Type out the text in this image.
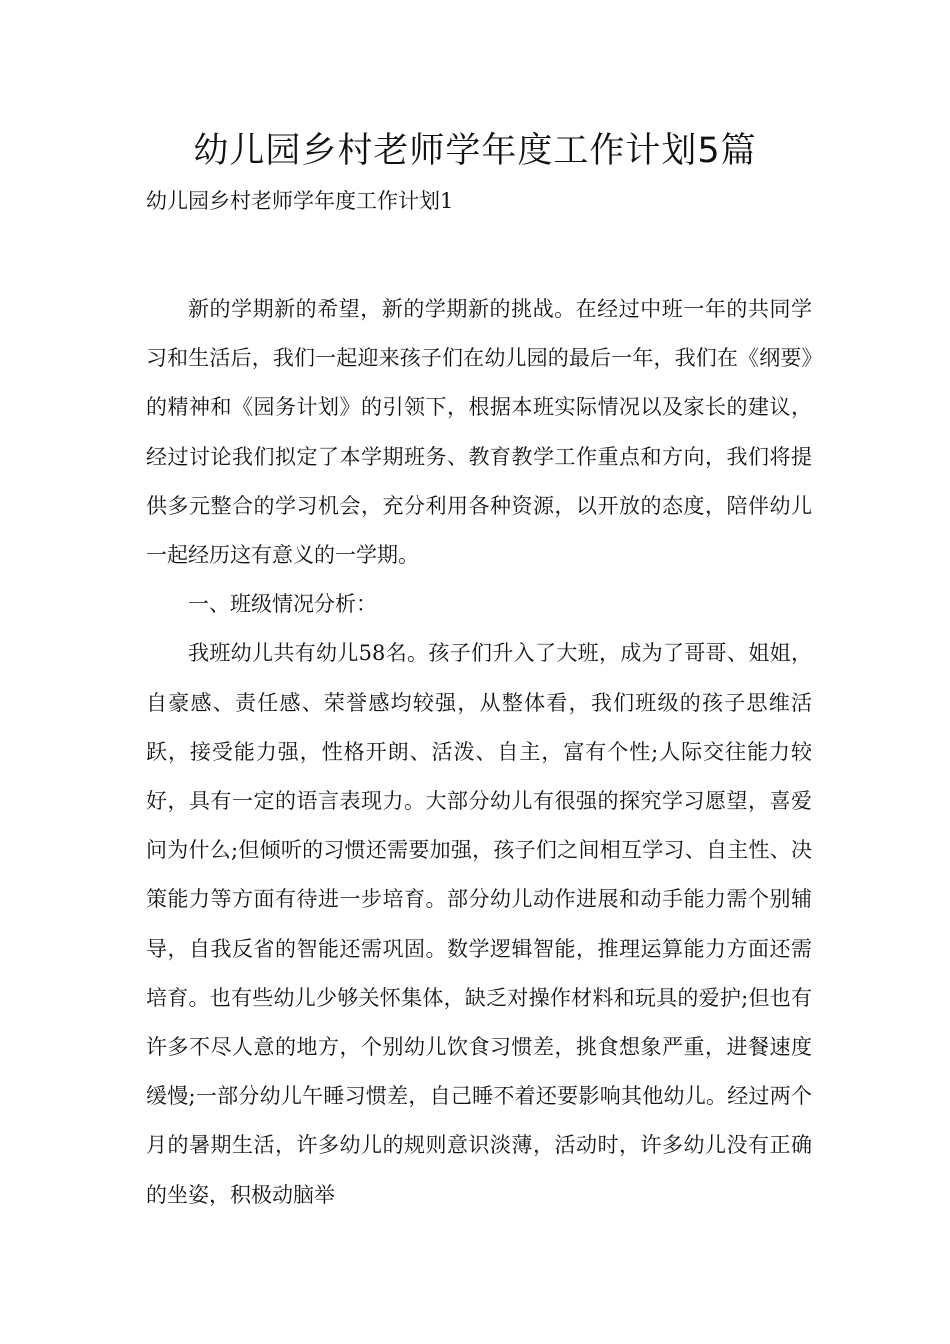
幼儿园乡村老师学年度工作计划5篇
幼儿园乡村老师学年度工作计划1

新的学期新的希望，新的学期新的挑战。在经过中班一年的共同学习和生活后，我们一起迎来孩子们在幼儿园的最后一年，我们在《纲要》的精神和《园务计划》的引领下，根据本班实际情况以及家长的建议，经过讨论我们拟定了本学期班务、教育教学工作重点和方向，我们将提供多元整合的学习机会，充分利用各种资源，以开放的态度，陪伴幼儿一起经历这有意义的一学期。

一、班级情况分析：

我班幼儿共有幼儿58名。孩子们升入了大班，成为了哥哥、姐姐，自豪感、责任感、荣誉感均较强，从整体看，我们班级的孩子思维活跃，接受能力强，性格开朗、活泼、自主，富有个性;人际交往能力较好，具有一定的语言表现力。大部分幼儿有很强的探究学习愿望，喜爱问为什么;但倾听的习惯还需要加强，孩子们之间相互学习、自主性、决策能力等方面有待进一步培育。部分幼儿动作进展和动手能力需个别辅导，自我反省的智能还需巩固。数学逻辑智能，推理运算能力方面还需培育。也有些幼儿少够关怀集体，缺乏对操作材料和玩具的爱护;但也有许多不尽人意的地方，个别幼儿饮食习惯差，挑食想象严重，进餐速度缓慢;一部分幼儿午睡习惯差，自己睡不着还要影响其他幼儿。经过两个月的暑期生活，许多幼儿的规则意识淡薄，活动时，许多幼儿没有正确的坐姿，积极动脑举
